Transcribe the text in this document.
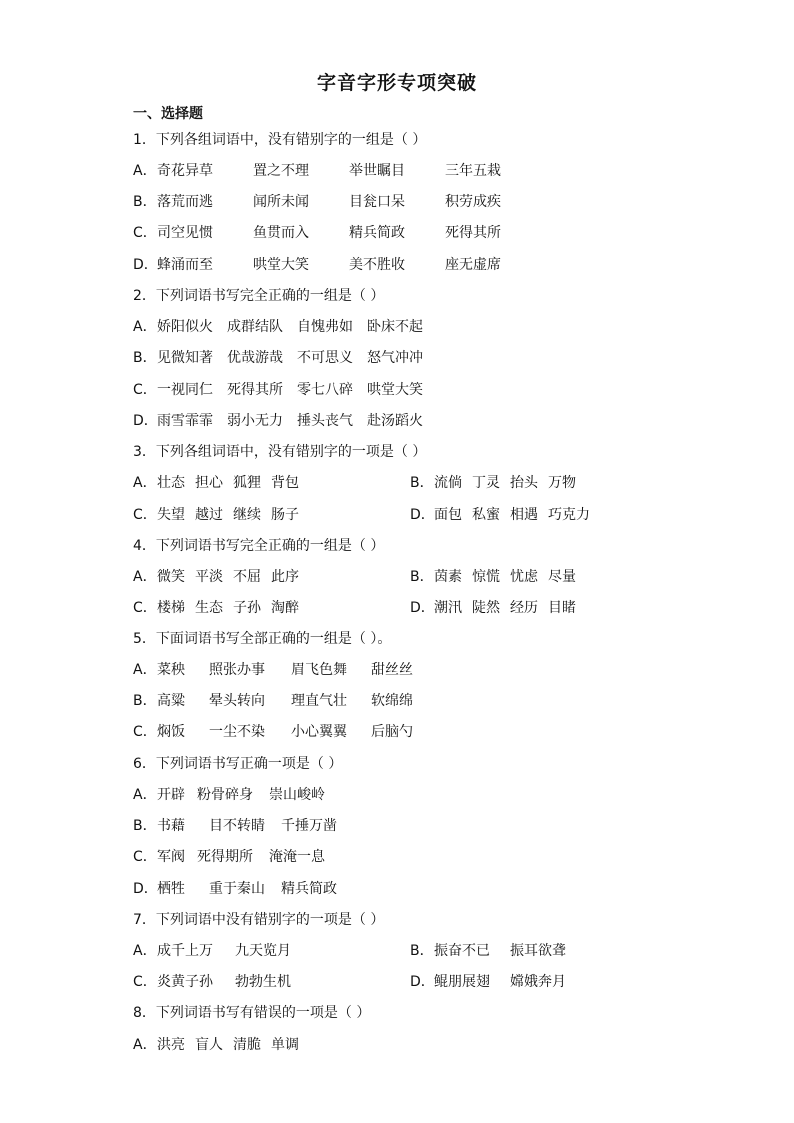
字音字形专项突破
一、选择题
1．下列各组词语中，没有错别字的一组是（ ）
A．奇花异草	置之不理	举世瞩目	三年五栽
B．落荒而逃	闻所未闻	目瓮口呆	积劳成疾
C．司空见惯	鱼贯而入	精兵简政	死得其所
D．蜂涌而至	哄堂大笑	美不胜收	座无虚席
2．下列词语书写完全正确的一组是（ ）
A．娇阳似火 成群结队 自愧弗如 卧床不起
B．见微知著 优哉游哉 不可思义 怒气冲冲
C．一视同仁 死得其所 零七八碎 哄堂大笑
D．雨雪霏霏 弱小无力 捶头丧气 赴汤蹈火
3．下列各组词语中，没有错别字的一项是（ ）
A．壮态 担心 狐狸 背包	B．流倘 丁灵 抬头 万物
C．失望 越过 继续 肠子	D．面包 私蜜 相遇 巧克力
4．下列词语书写完全正确的一组是（ ）
A．微笑 平淡 不屈 此序	B．茵素 惊慌 忧虑 尽量
C．楼梯 生态 子孙 淘醉	D．潮汛 陡然 经历 目睹
5．下面词语书写全部正确的一组是（ ）。
A．菜秧 照张办事 眉飞色舞 甜丝丝
B．高粱 晕头转向 理直气壮 软绵绵
C．焖饭 一尘不染 小心翼翼 后脑勺
6．下列词语书写正确一项是（ ）
A．开辟 粉骨碎身 崇山峻岭
B．书藉 目不转睛 千捶万凿
C．军阀 死得期所 淹淹一息
D．栖牲 重于秦山 精兵简政
7．下列词语中没有错别字的一项是（ ）
A．成千上万 九天览月	B．振奋不已 振耳欲聋
C．炎黄子孙 勃勃生机	D．鲲朋展翅 嫦娥奔月
8．下列词语书写有错误的一项是（ ）
A．洪亮 盲人 清脆 单调
